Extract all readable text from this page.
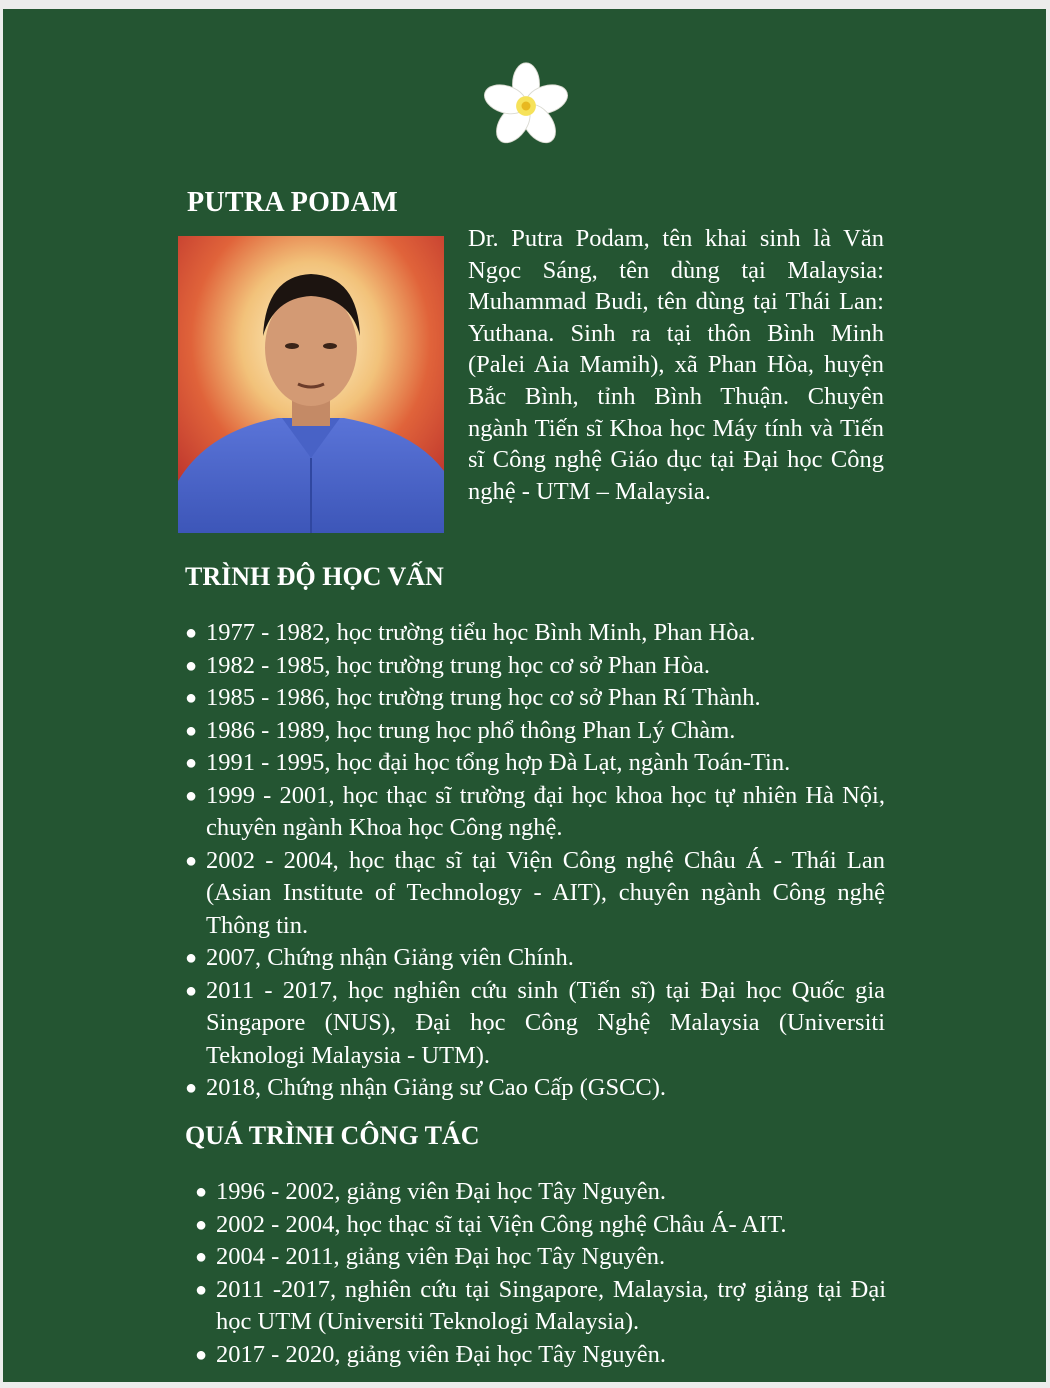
PUTRA PODAM

Dr. Putra Podam, tên khai sinh là Văn Ngọc Sáng, tên dùng tại Malaysia: Muhammad Budi, tên dùng tại Thái Lan: Yuthana. Sinh ra tại thôn Bình Minh (Palei Aia Mamih), xã Phan Hòa, huyện Bắc Bình, tỉnh Bình Thuận. Chuyên ngành Tiến sĩ Khoa học Máy tính và Tiến sĩ Công nghệ Giáo dục tại Đại học Công nghệ - UTM – Malaysia.

TRÌNH ĐỘ HỌC VẤN
● 1977 - 1982, học trường tiểu học Bình Minh, Phan Hòa.
● 1982 - 1985, học trường trung học cơ sở Phan Hòa.
● 1985 - 1986, học trường trung học cơ sở Phan Rí Thành.
● 1986 - 1989, học trung học phổ thông Phan Lý Chàm.
● 1991 - 1995, học đại học tổng hợp Đà Lạt, ngành Toán-Tin.
● 1999 - 2001, học thạc sĩ trường đại học khoa học tự nhiên Hà Nội, chuyên ngành Khoa học Công nghệ.
● 2002 - 2004, học thạc sĩ tại Viện Công nghệ Châu Á - Thái Lan (Asian Institute of Technology - AIT), chuyên ngành Công nghệ Thông tin.
● 2007, Chứng nhận Giảng viên Chính.
● 2011 - 2017, học nghiên cứu sinh (Tiến sĩ) tại Đại học Quốc gia Singapore (NUS), Đại học Công Nghệ Malaysia (Universiti Teknologi Malaysia - UTM).
● 2018, Chứng nhận Giảng sư Cao Cấp (GSCC).
QUÁ TRÌNH CÔNG TÁC
● 1996 - 2002, giảng viên Đại học Tây Nguyên.
● 2002 - 2004, học thạc sĩ tại Viện Công nghệ Châu Á- AIT.
● 2004 - 2011, giảng viên Đại học Tây Nguyên.
● 2011 -2017, nghiên cứu tại Singapore, Malaysia, trợ giảng tại Đại học UTM (Universiti Teknologi Malaysia).
● 2017 - 2020, giảng viên Đại học Tây Nguyên.
